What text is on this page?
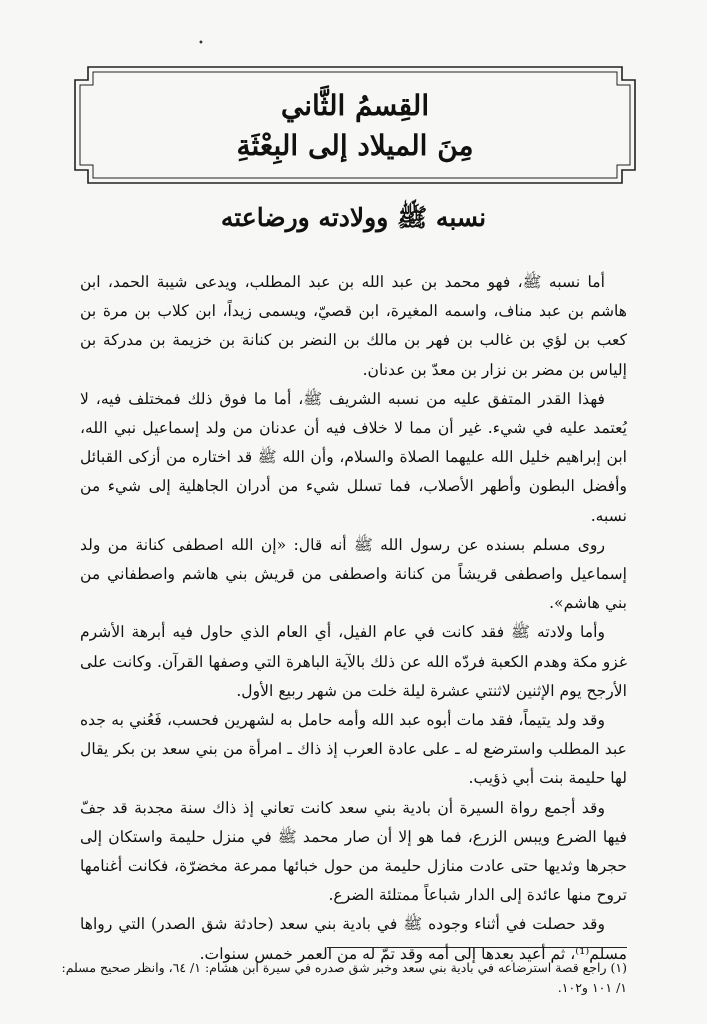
•
القِسمُ الثَّاني
مِنَ الميلاد إلى البِعْثَةِ
نسبه ﷺ وولادته ورضاعته

أما نسبه ﷺ، فهو محمد بن عبد الله بن عبد المطلب، ويدعى شيبة الحمد، ابن هاشم بن عبد مناف، واسمه المغيرة، ابن قصيّ، ويسمى زيداً، ابن كلاب بن مرة بن كعب بن لؤي بن غالب بن فهر بن مالك بن النضر بن كنانة بن خزيمة بن مدركة بن إلياس بن مضر بن نزار بن معدّ بن عدنان.

فهذا القدر المتفق عليه من نسبه الشريف ﷺ، أما ما فوق ذلك فمختلف فيه، لا يُعتمد عليه في شيء. غير أن مما لا خلاف فيه أن عدنان من ولد إسماعيل نبي الله، ابن إبراهيم خليل الله عليهما الصلاة والسلام، وأن الله ﷺ قد اختاره من أزكى القبائل وأفضل البطون وأطهر الأصلاب، فما تسلل شيء من أدران الجاهلية إلى شيء من نسبه.

روى مسلم بسنده عن رسول الله ﷺ أنه قال: «إن الله اصطفى كنانة من ولد إسماعيل واصطفى قريشاً من كنانة واصطفى من قريش بني هاشم واصطفاني من بني هاشم».

وأما ولادته ﷺ فقد كانت في عام الفيل، أي العام الذي حاول فيه أبرهة الأشرم غزو مكة وهدم الكعبة فردّه الله عن ذلك بالآية الباهرة التي وصفها القرآن. وكانت على الأرجح يوم الإثنين لاثنتي عشرة ليلة خلت من شهر ربيع الأول.

وقد ولد يتيماً، فقد مات أبوه عبد الله وأمه حامل به لشهرين فحسب، فَعُني به جده عبد المطلب واسترضع له ـ على عادة العرب إذ ذاك ـ امرأة من بني سعد بن بكر يقال لها حليمة بنت أبي ذؤيب.

وقد أجمع رواة السيرة أن بادية بني سعد كانت تعاني إذ ذاك سنة مجدبة قد جفّ فيها الضرع ويبس الزرع، فما هو إلا أن صار محمد ﷺ في منزل حليمة واستكان إلى حجرها وثديها حتى عادت منازل حليمة من حول خبائها ممرعة مخضرّة، فكانت أغنامها تروح منها عائدة إلى الدار شباعاً ممتلئة الضرع.

وقد حصلت في أثناء وجوده ﷺ في بادية بني سعد (حادثة شق الصدر) التي رواها مسلم⁽¹⁾، ثم أعيد بعدها إلى أمه وقد تمّ له من العمر خمس سنوات.

(١) راجع قصة استرضاعه في بادية بني سعد وخبر شق صدره في سيرة ابن هشام: ١/ ٦٤، وانظر صحيح مسلم: ١/ ١٠١ و١٠٢.
